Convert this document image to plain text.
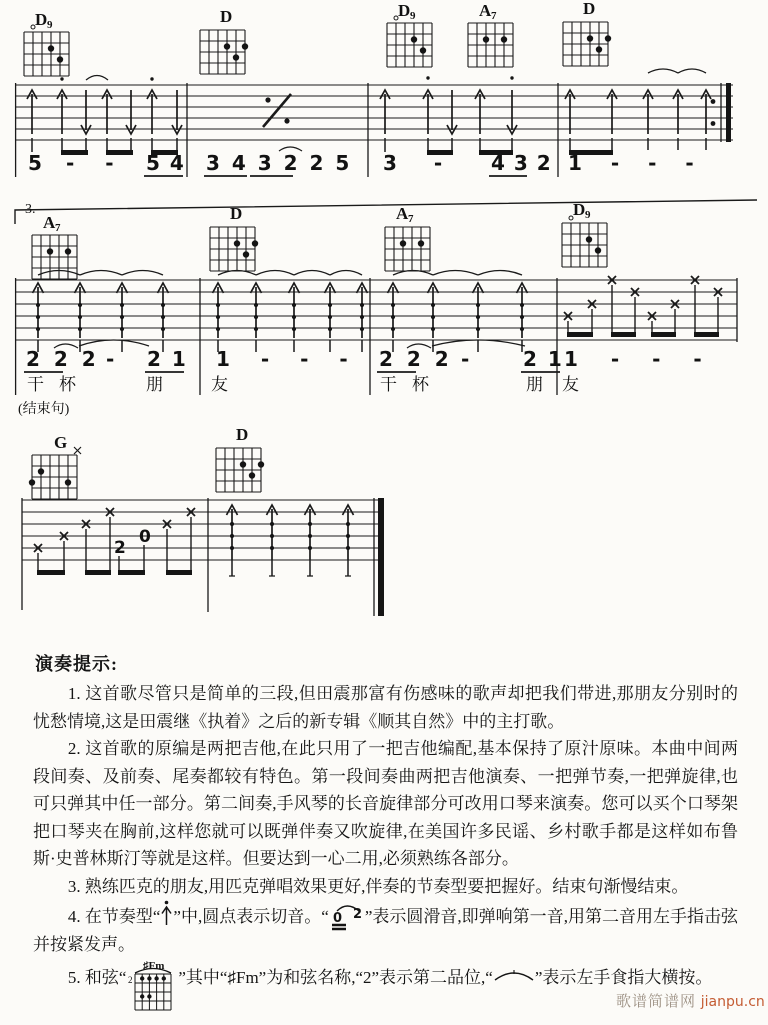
D 9	D	D 9	A 7	D
5 - - 5 4 3 4 3 2 2 5 3 - 4 3 2 1 - - -
3.
A 7
D	A 7	D 9
2 2 2 - 2 1 1 - - - 2 2 2 -	2 1 1 - - -
干 杯	朋	友	干 杯	朋 友
(结束句)
G	D
2
0
演奏提示:

1. 这首歌尽管只是简单的三段,但田震那富有伤感味的歌声却把我们带进,那朋友分别时的忧愁情境,这是田震继《执着》之后的新专辑《顺其自然》中的主打歌。

2. 这首歌的原编是两把吉他,在此只用了一把吉他编配,基本保持了原汁原味。本曲中间两段间奏、及前奏、尾奏都较有特色。第一段间奏曲两把吉他演奏、一把弹节奏,一把弹旋律,也可只弹其中任一部分。第二间奏,手风琴的长音旋律部分可改用口琴来演奏。您可以买个口琴架把口琴夹在胸前,这样您就可以既弹伴奏又吹旋律,在美国许多民谣、乡村歌手都是这样如布鲁斯·史普林斯汀等就是这样。但要达到一心二用,必须熟练各部分。

3. 熟练匹克的朋友,用匹克弹唱效果更好,伴奏的节奏型要把握好。结束句渐慢结束。

4. 在节奏型“ ”中,圆点表示切音。“ 0 2 ”表示圆滑音,即弹响第一音,用第二音用左手指击弦并按紧发声。

5. 和弦“
♯Fm
2	”其中“♯Fm”为和弦名称,“2”表示第二品位,“ ”表示左手食指大横按。

歌谱简谱网 jianpu.cn
